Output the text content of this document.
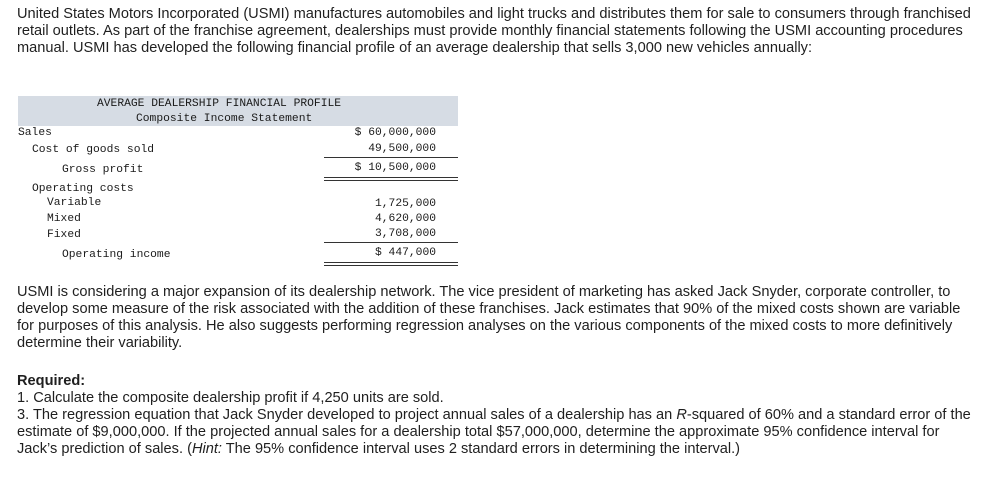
United States Motors Incorporated (USMI) manufactures automobiles and light trucks and distributes them for sale to consumers through franchised retail outlets. As part of the franchise agreement, dealerships must provide monthly financial statements following the USMI accounting procedures manual. USMI has developed the following financial profile of an average dealership that sells 3,000 new vehicles annually:

AVERAGE DEALERSHIP FINANCIAL PROFILE
Composite Income Statement
Sales	$ 60,000,000
Cost of goods sold	49,500,000
Gross profit	$ 10,500,000
Operating costs
Variable	1,725,000
Mixed	4,620,000
Fixed	3,708,000
Operating income	$ 447,000

USMI is considering a major expansion of its dealership network. The vice president of marketing has asked Jack Snyder, corporate controller, to develop some measure of the risk associated with the addition of these franchises. Jack estimates that 90% of the mixed costs shown are variable for purposes of this analysis. He also suggests performing regression analyses on the various components of the mixed costs to more definitively determine their variability.

Required:
1. Calculate the composite dealership profit if 4,250 units are sold.
3. The regression equation that Jack Snyder developed to project annual sales of a dealership has an R-squared of 60% and a standard error of the estimate of $9,000,000. If the projected annual sales for a dealership total $57,000,000, determine the approximate 95% confidence interval for Jack’s prediction of sales. (Hint: The 95% confidence interval uses 2 standard errors in determining the interval.)
